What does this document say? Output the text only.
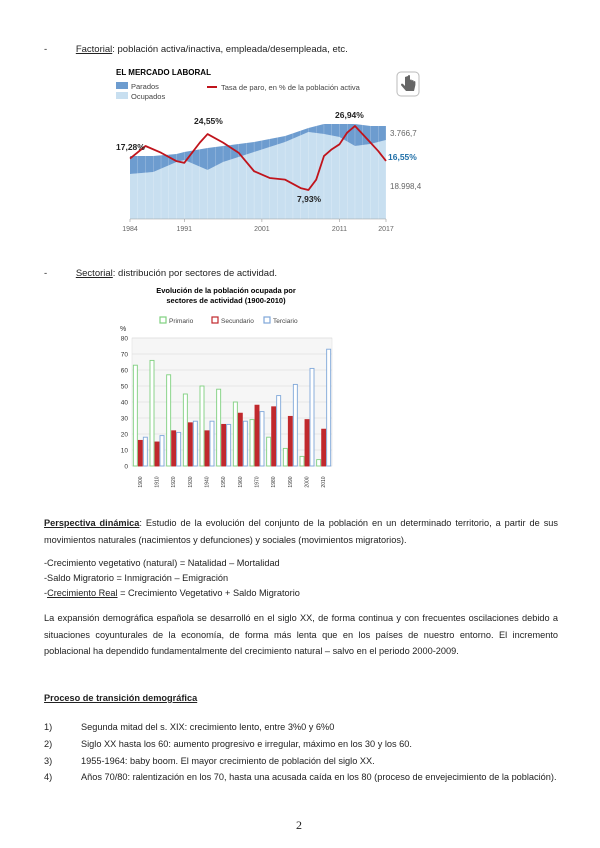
-	Factorial: población activa/inactiva, empleada/desempleada, etc.
EL MERCADO LABORAL
Parados
Ocupados
Tasa de paro, en % de la población activa
1984	1991	2001	2011	2017
17,28%
24,55%
7,93%
26,94%
16,55%
3.766,7
18.998,4
-	Sectorial: distribución por sectores de actividad.
Evolución de la población ocupada por
sectores de actividad (1900-2010)
Primario	Secundario	Terciario
%
0
10
20
30
40
50
60
70
80
1900 1910 1920 1930 1940 1950 1960 1970 1980 1990 2000 2010
Perspectiva dinámica: Estudio de la evolución del conjunto de la población en un determinado territorio, a partir de sus movimientos naturales (nacimientos y defunciones) y sociales (movimientos migratorios).
-Crecimiento vegetativo (natural) = Natalidad – Mortalidad
-Saldo Migratorio = Inmigración – Emigración
-Crecimiento Real = Crecimiento Vegetativo + Saldo Migratorio
La expansión demográfica española se desarrolló en el siglo XX, de forma continua y con frecuentes oscilaciones debido a situaciones coyunturales de la economía, de forma más lenta que en los países de nuestro entorno. El incremento poblacional ha dependido fundamentalmente del crecimiento natural – salvo en el periodo 2000-2009.
Proceso de transición demográfica
1)	Segunda mitad del s. XIX: crecimiento lento, entre 3%0 y 6%0
2)	Siglo XX hasta los 60: aumento progresivo e irregular, máximo en los 30 y los 60.
3)	1955-1964: baby boom. El mayor crecimiento de población del siglo XX.
4)	Años 70/80: ralentización en los 70, hasta una acusada caída en los 80 (proceso de envejecimiento de la población).
2
